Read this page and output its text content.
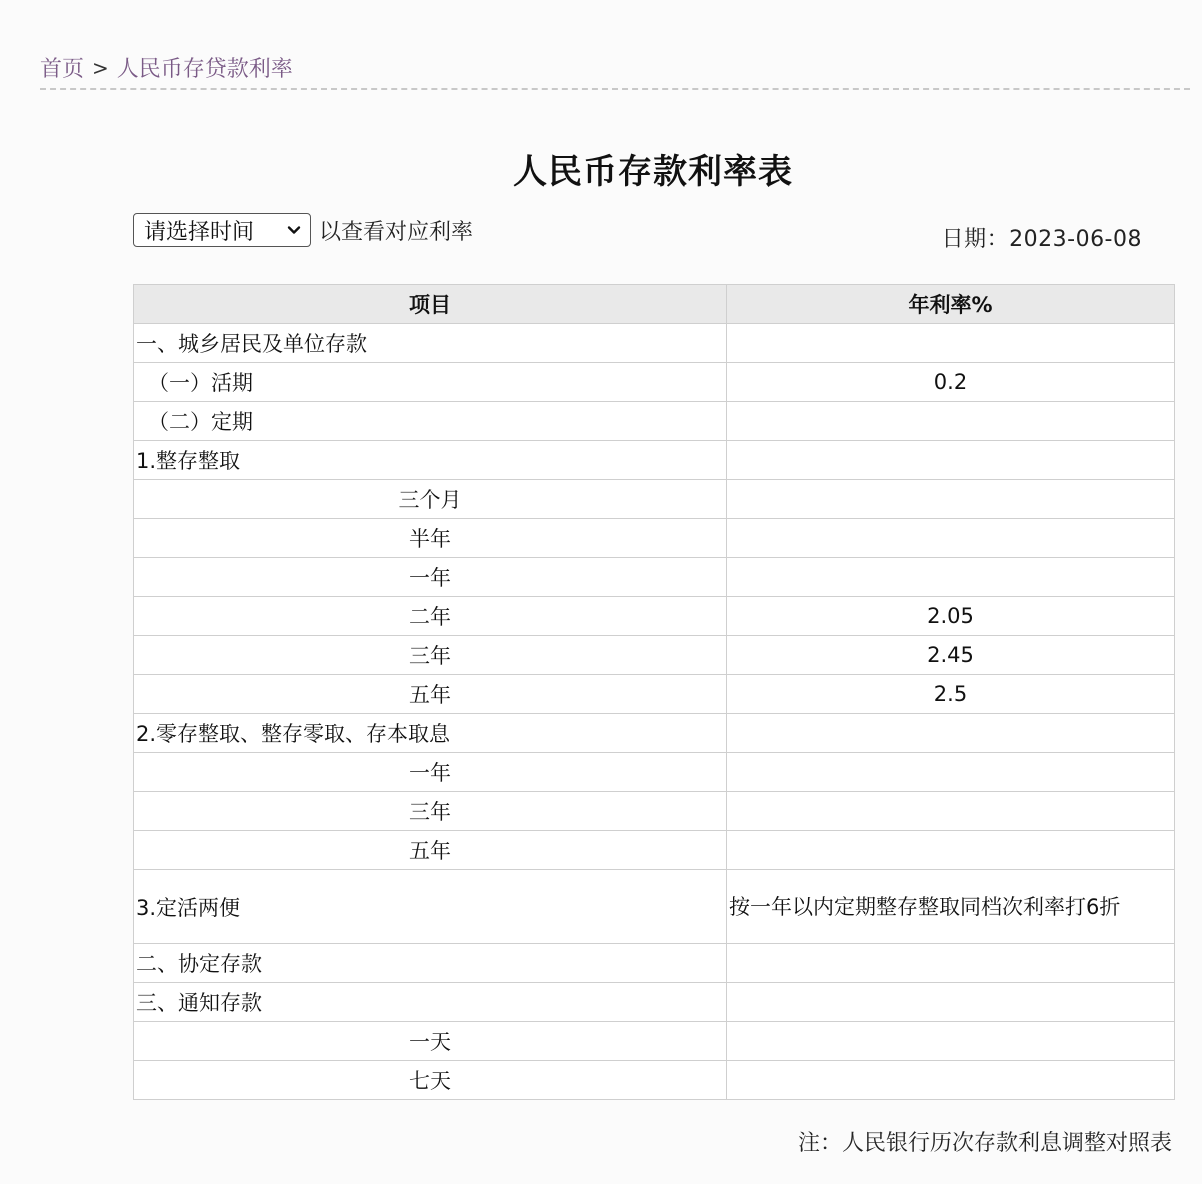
首页 > 人民币存贷款利率
人民币存款利率表
请选择时间	以查看对应利率	日期：2023-06-08
项目	年利率%
一、城乡居民及单位存款	
（一）活期	0.2
（二）定期	
1.整存整取	
三个月	
半年	
一年	
二年	2.05
三年	2.45
五年	2.5
2.零存整取、整存零取、存本取息	
一年	
三年	
五年	
3.定活两便	按一年以内定期整存整取同档次利率打6折
二、协定存款	
三、通知存款	
一天	
七天	
注：人民银行历次存款利息调整对照表
